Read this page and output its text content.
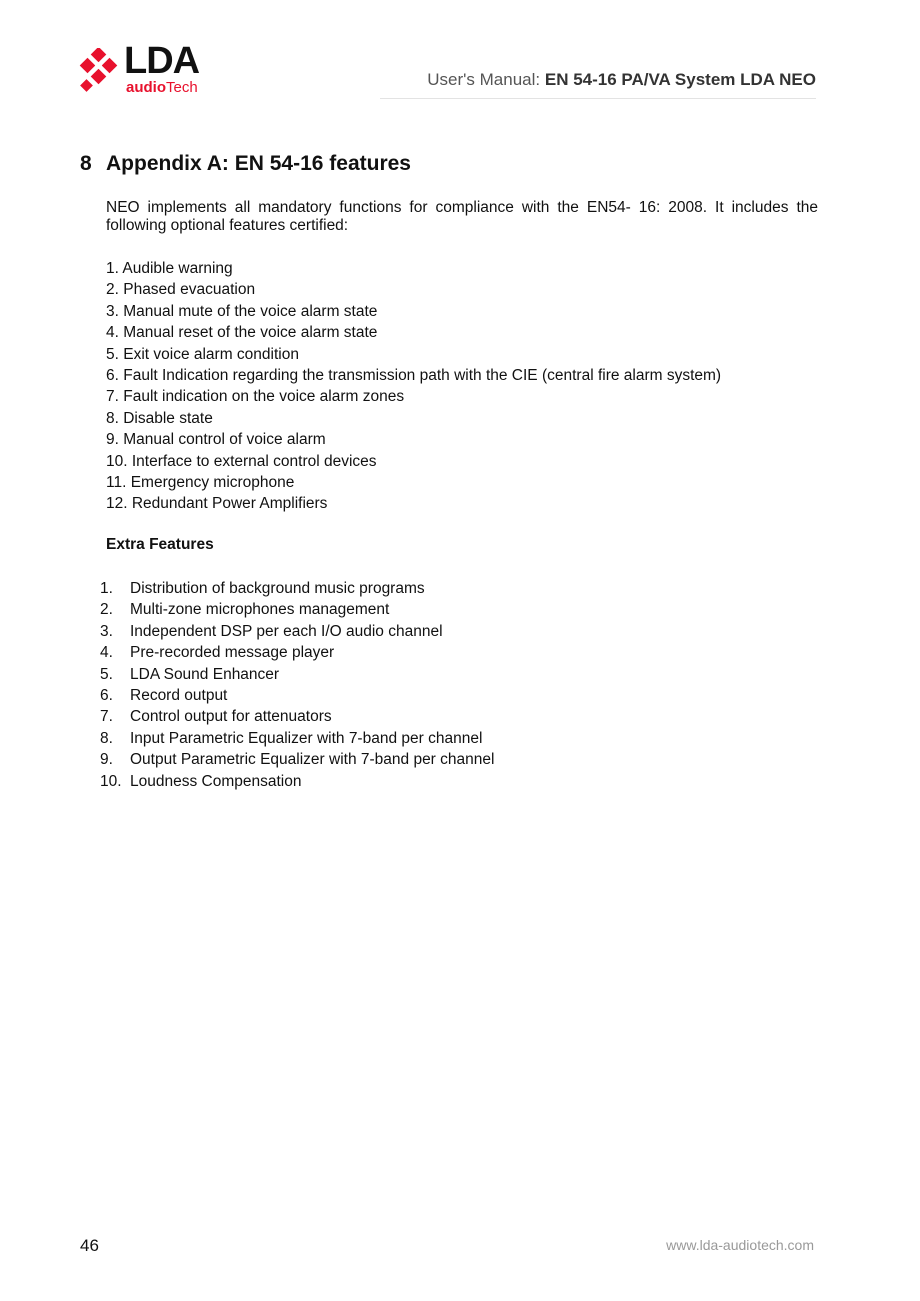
LDA
audioTech	User's Manual: EN 54-16 PA/VA System LDA NEO
8 Appendix A: EN 54-16 features
NEO implements all mandatory functions for compliance with the EN54- 16: 2008. It includes the following optional features certified:
1. Audible warning
2. Phased evacuation
3. Manual mute of the voice alarm state
4. Manual reset of the voice alarm state
5. Exit voice alarm condition
6. Fault Indication regarding the transmission path with the CIE (central fire alarm system)
7. Fault indication on the voice alarm zones
8. Disable state
9. Manual control of voice alarm
10. Interface to external control devices
11. Emergency microphone
12. Redundant Power Amplifiers
Extra Features
1. Distribution of background music programs
2. Multi-zone microphones management
3. Independent DSP per each I/O audio channel
4. Pre-recorded message player
5. LDA Sound Enhancer
6. Record output
7. Control output for attenuators
8. Input Parametric Equalizer with 7-band per channel
9. Output Parametric Equalizer with 7-band per channel
10. Loudness Compensation
46	www.lda-audiotech.com
